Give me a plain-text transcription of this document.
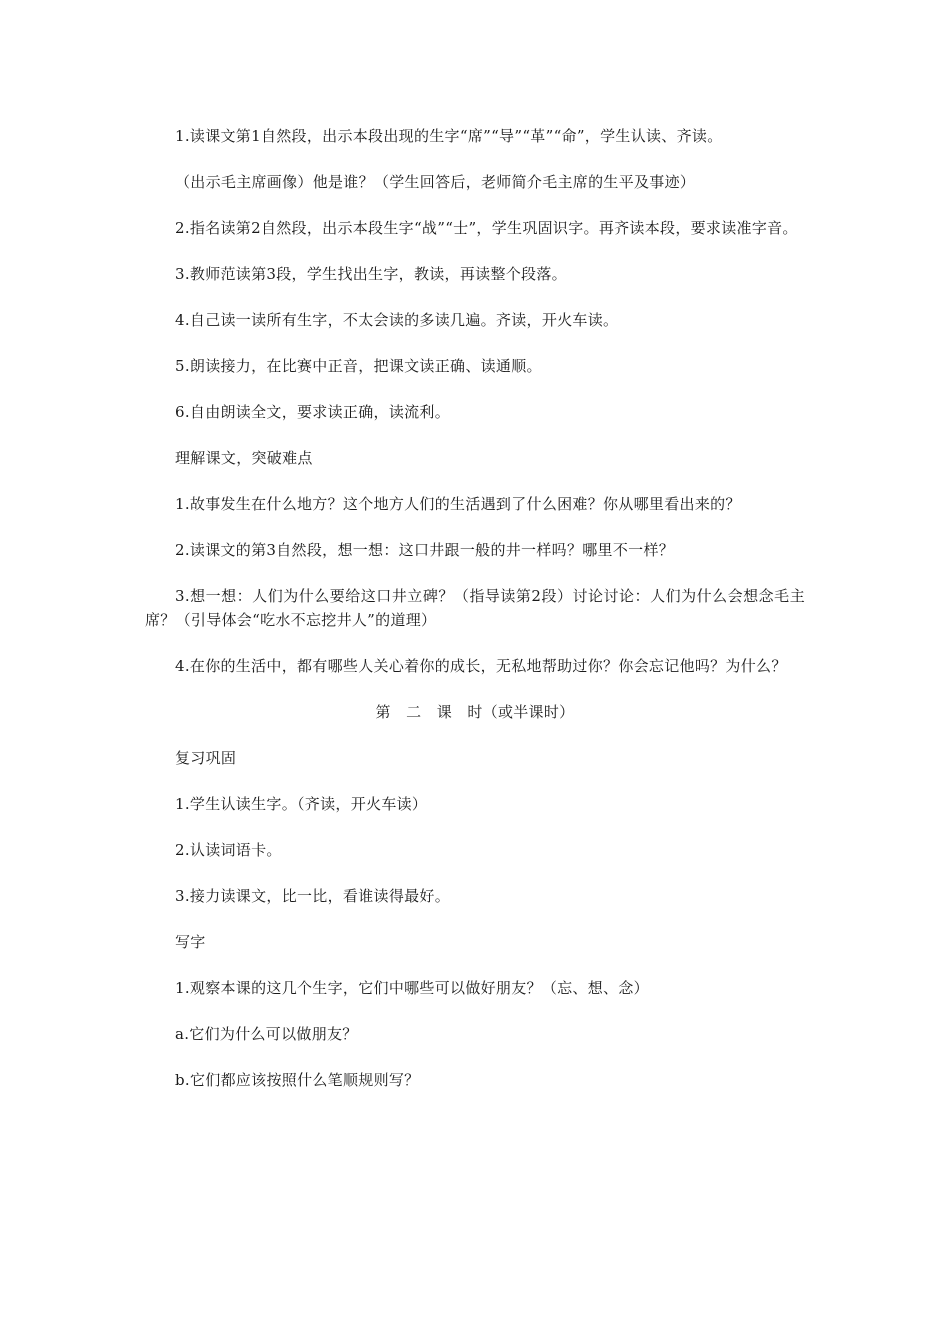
1.读课文第1自然段，出示本段出现的生字“席”“导”“革”“命”，学生认读、齐读。

（出示毛主席画像）他是谁？（学生回答后，老师简介毛主席的生平及事迹）

2.指名读第2自然段，出示本段生字“战”“士”，学生巩固识字。再齐读本段，要求读准字音。

3.教师范读第3段，学生找出生字，教读，再读整个段落。

4.自己读一读所有生字，不太会读的多读几遍。齐读，开火车读。

5.朗读接力，在比赛中正音，把课文读正确、读通顺。

6.自由朗读全文，要求读正确，读流利。

理解课文，突破难点

1.故事发生在什么地方？这个地方人们的生活遇到了什么困难？你从哪里看出来的？

2.读课文的第3自然段，想一想：这口井跟一般的井一样吗？哪里不一样？

3.想一想：人们为什么要给这口井立碑？（指导读第2段）讨论讨论：人们为什么会想念毛主席？（引导体会“吃水不忘挖井人”的道理）

4.在你的生活中，都有哪些人关心着你的成长，无私地帮助过你？你会忘记他吗？为什么？

第　二　课　时（或半课时）

复习巩固

1.学生认读生字。（齐读，开火车读）

2.认读词语卡。

3.接力读课文，比一比，看谁读得最好。

写字

1.观察本课的这几个生字，它们中哪些可以做好朋友？（忘、想、念）

a.它们为什么可以做朋友？

b.它们都应该按照什么笔顺规则写？
